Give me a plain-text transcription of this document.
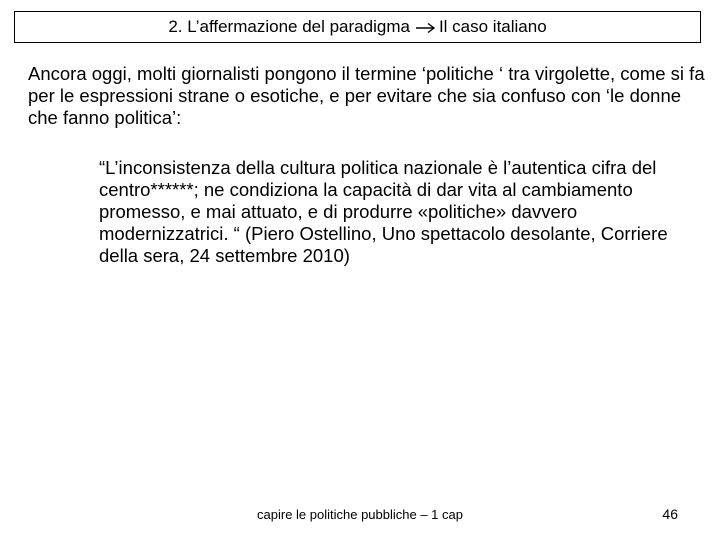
2. L’affermazione del paradigma Il caso italiano

Ancora oggi, molti giornalisti pongono il termine ‘politiche ‘ tra virgolette, come si fa per le espressioni strane o esotiche, e per evitare che sia confuso con ‘le donne che fanno politica’:

“L’inconsistenza della cultura politica nazionale è l’autentica cifra del centro******; ne condiziona la capacità di dar vita al cambiamento promesso, e mai attuato, e di produrre «politiche» davvero modernizzatrici. “ (Piero Ostellino, Uno spettacolo desolante, Corriere della sera, 24 settembre 2010)

capire le politiche pubbliche – 1 cap	46
